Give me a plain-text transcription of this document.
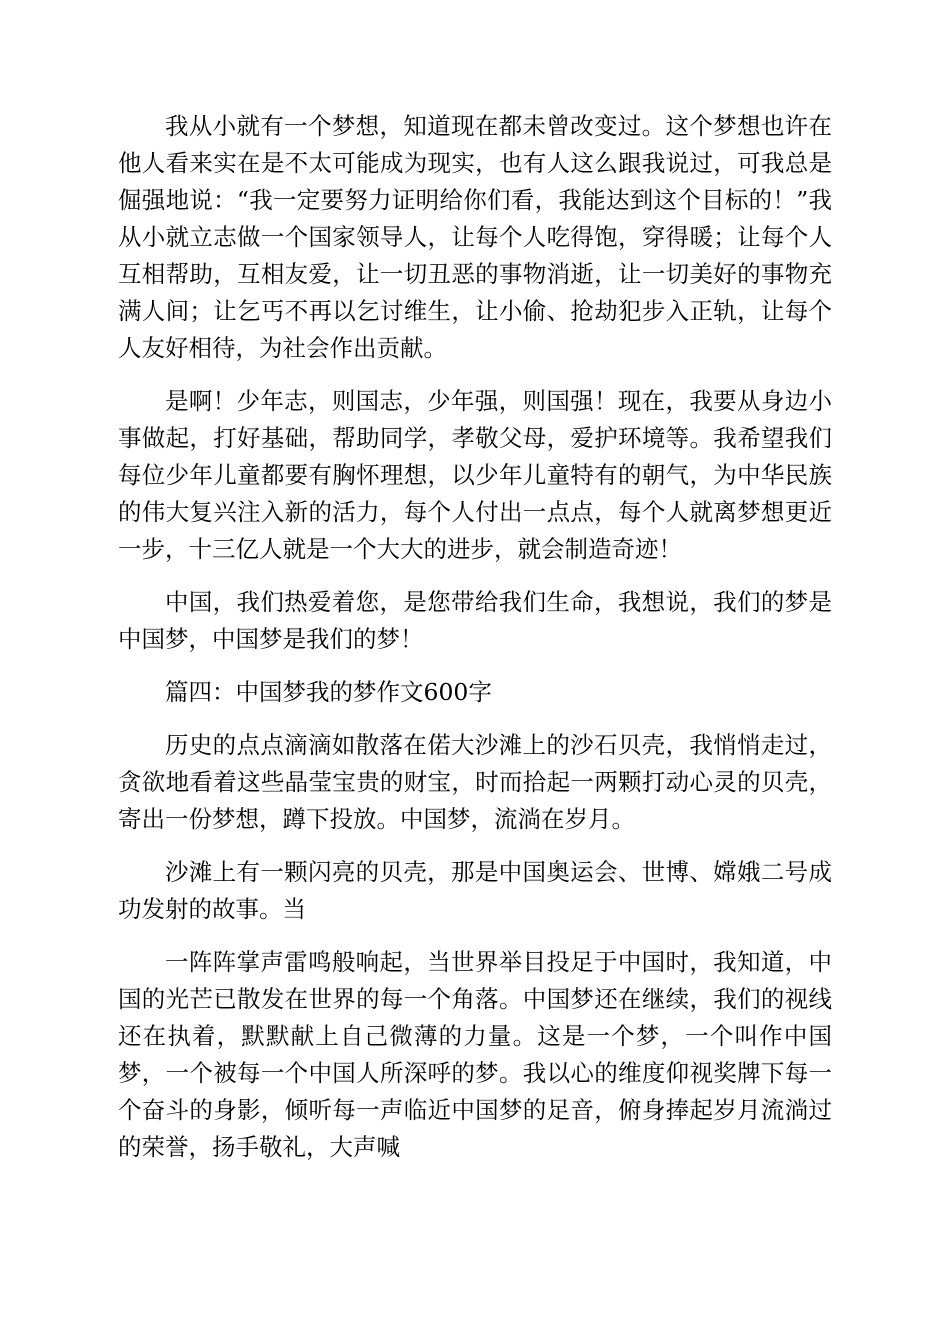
我从小就有一个梦想，知道现在都未曾改变过。这个梦想也许在他人看来实在是不太可能成为现实，也有人这么跟我说过，可我总是倔强地说：“我一定要努力证明给你们看，我能达到这个目标的！”我从小就立志做一个国家领导人，让每个人吃得饱，穿得暖；让每个人互相帮助，互相友爱，让一切丑恶的事物消逝，让一切美好的事物充满人间；让乞丐不再以乞讨维生，让小偷、抢劫犯步入正轨，让每个人友好相待，为社会作出贡献。

是啊！少年志，则国志，少年强，则国强！现在，我要从身边小事做起，打好基础，帮助同学，孝敬父母，爱护环境等。我希望我们每位少年儿童都要有胸怀理想，以少年儿童特有的朝气，为中华民族的伟大复兴注入新的活力，每个人付出一点点，每个人就离梦想更近一步，十三亿人就是一个大大的进步，就会制造奇迹！

中国，我们热爱着您，是您带给我们生命，我想说，我们的梦是中国梦，中国梦是我们的梦！

篇四：中国梦我的梦作文600字

历史的点点滴滴如散落在偌大沙滩上的沙石贝壳，我悄悄走过，贪欲地看着这些晶莹宝贵的财宝，时而拾起一两颗打动心灵的贝壳，寄出一份梦想，蹲下投放。中国梦，流淌在岁月。

沙滩上有一颗闪亮的贝壳，那是中国奥运会、世博、嫦娥二号成功发射的故事。当

一阵阵掌声雷鸣般响起，当世界举目投足于中国时，我知道，中国的光芒已散发在世界的每一个角落。中国梦还在继续，我们的视线还在执着，默默献上自己微薄的力量。这是一个梦，一个叫作中国梦，一个被每一个中国人所深呼的梦。我以心的维度仰视奖牌下每一个奋斗的身影，倾听每一声临近中国梦的足音，俯身捧起岁月流淌过的荣誉，扬手敬礼，大声喊
